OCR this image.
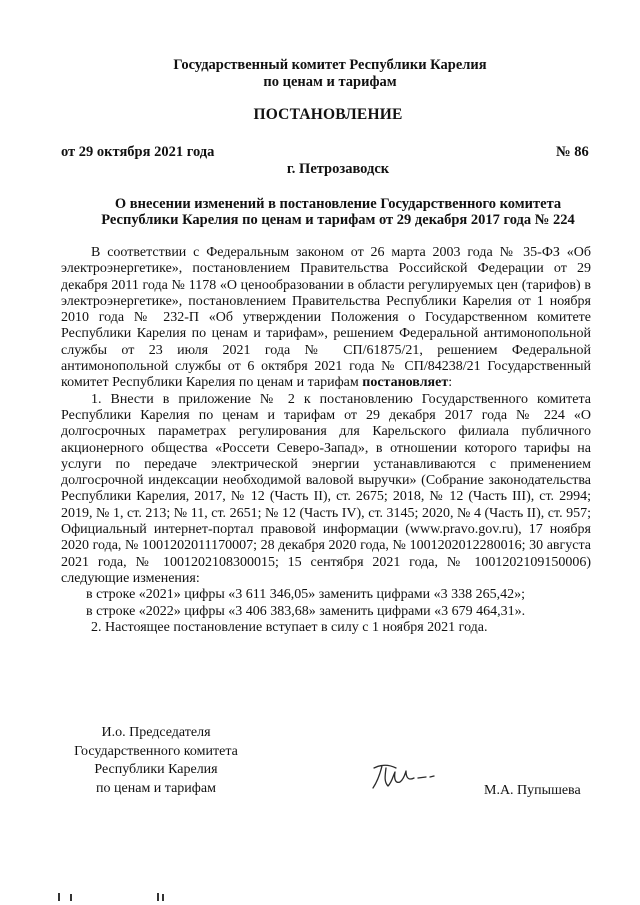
Государственный комитет Республики Карелия
по ценам и тарифам
ПОСТАНОВЛЕНИЕ
от 29 октября 2021 года	№ 86
г. Петрозаводск
О внесении изменений в постановление Государственного комитета
Республики Карелия по ценам и тарифам от 29 декабря 2017 года № 224

В соответствии с Федеральным законом от 26 марта 2003 года № 35-ФЗ «Об электроэнергетике», постановлением Правительства Российской Федерации от 29 декабря 2011 года № 1178 «О ценообразовании в области регулируемых цен (тарифов) в электроэнергетике», постановлением Правительства Республики Карелия от 1 ноября 2010 года № 232-П «Об утверждении Положения о Государственном комитете Республики Карелия по ценам и тарифам», решением Федеральной антимонопольной службы от 23 июля 2021 года № СП/61875/21, решением Федеральной антимонопольной службы от 6 октября 2021 года № СП/84238/21 Государственный комитет Республики Карелия по ценам и тарифам постановляет:

1. Внести в приложение № 2 к постановлению Государственного комитета Республики Карелия по ценам и тарифам от 29 декабря 2017 года № 224 «О долгосрочных параметрах регулирования для Карельского филиала публичного акционерного общества «Россети Северо-Запад», в отношении которого тарифы на услуги по передаче электрической энергии устанавливаются с применением долгосрочной индексации необходимой валовой выручки» (Собрание законодательства Республики Карелия, 2017, № 12 (Часть II), ст. 2675; 2018, № 12 (Часть III), ст. 2994; 2019, № 1, ст. 213; № 11, ст. 2651; № 12 (Часть IV), ст. 3145; 2020, № 4 (Часть II), ст. 957; Официальный интернет-портал правовой информации (www.pravo.gov.ru), 17 ноября 2020 года, № 1001202011170007; 28 декабря 2020 года, № 1001202012280016; 30 августа 2021 года, № 1001202108300015; 15 сентября 2021 года, № 1001202109150006) следующие изменения:

в строке «2021» цифры «3 611 346,05» заменить цифрами «3 338 265,42»;

в строке «2022» цифры «3 406 383,68» заменить цифрами «3 679 464,31».

2. Настоящее постановление вступает в силу с 1 ноября 2021 года.

И.о. Председателя
Государственного комитета
Республики Карелия
по ценам и тарифам	М.А. Пупышева
